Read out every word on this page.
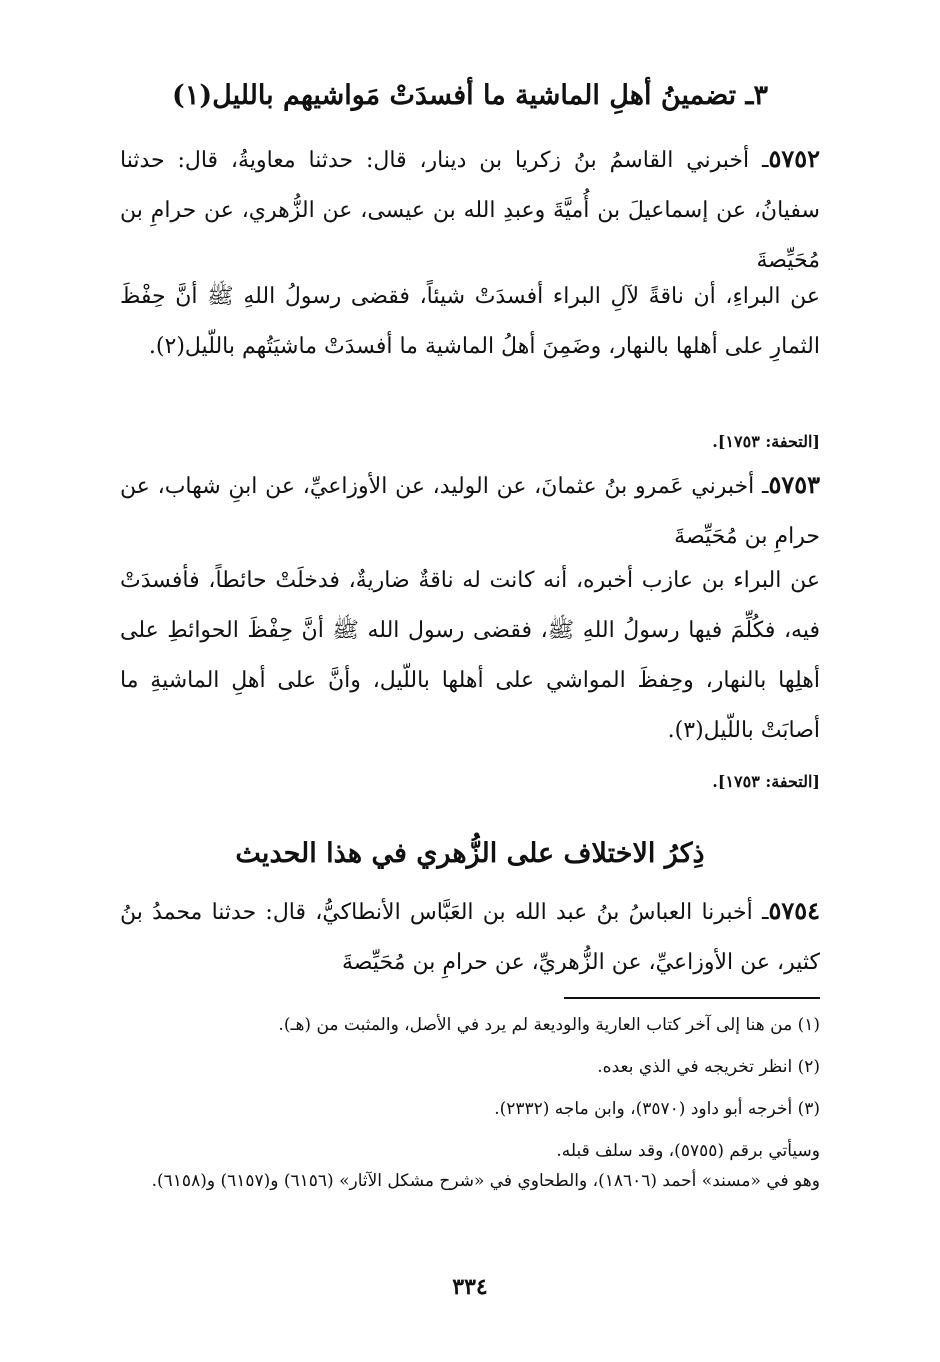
٣ـ تضمينُ أهلِ الماشية ما أفسدَتْ مَواشيهم بالليل(١)
٥٧٥٢ـ أخبرني القاسمُ بنُ زكريا بن دينار، قال: حدثنا معاويةُ، قال: حدثنا سفيانُ، عن إسماعيلَ بن أُميَّةَ وعبدِ الله بن عيسى، عن الزُّهري، عن حرامِ بن مُحَيِّصةَ
عن البراءِ، أن ناقةً لآلِ البراء أفسدَتْ شيئاً، فقضى رسولُ اللهِ ﷺ أنَّ حِفْظَ الثمارِ على أهلها بالنهار، وضَمِنَ أهلُ الماشية ما أفسدَتْ ماشيَتُهم باللّيل(٢).
[التحفة: ١٧٥٣].
٥٧٥٣ـ أخبرني عَمرو بنُ عثمانَ، عن الوليد، عن الأوزاعيِّ، عن ابنِ شهاب، عن حرامِ بن مُحَيِّصةَ
عن البراء بن عازب أخبره، أنه كانت له ناقةٌ ضاريةٌ، فدخلَتْ حائطاً، فأفسدَتْ فيه، فكُلِّمَ فيها رسولُ اللهِ ﷺ، فقضى رسول الله ﷺ أنَّ حِفْظَ الحوائطِ على أهلِها بالنهار، وحِفظَ المواشي على أهلها باللّيل، وأنَّ على أهلِ الماشيةِ ما أصابَتْ باللّيل(٣).
[التحفة: ١٧٥٣].
ذِكرُ الاختلاف على الزُّهري في هذا الحديث
٥٧٥٤ـ أخبرنا العباسُ بنُ عبد الله بن العَبَّاس الأنطاكيُّ، قال: حدثنا محمدُ بنُ كثير، عن الأوزاعيِّ، عن الزُّهريِّ، عن حرامِ بن مُحَيِّصةَ
(١) من هنا إلى آخر كتاب العارية والوديعة لم يرد في الأصل، والمثبت من (هـ).
(٢) انظر تخريجه في الذي بعده.
(٣) أخرجه أبو داود (٣٥٧٠)، وابن ماجه (٢٣٣٢).
وسيأتي برقم (٥٧٥٥)، وقد سلف قبله.
وهو في «مسند» أحمد (١٨٦٠٦)، والطحاوي في «شرح مشكل الآثار» (٦١٥٦) و(٦١٥٧) و(٦١٥٨).
٣٣٤
